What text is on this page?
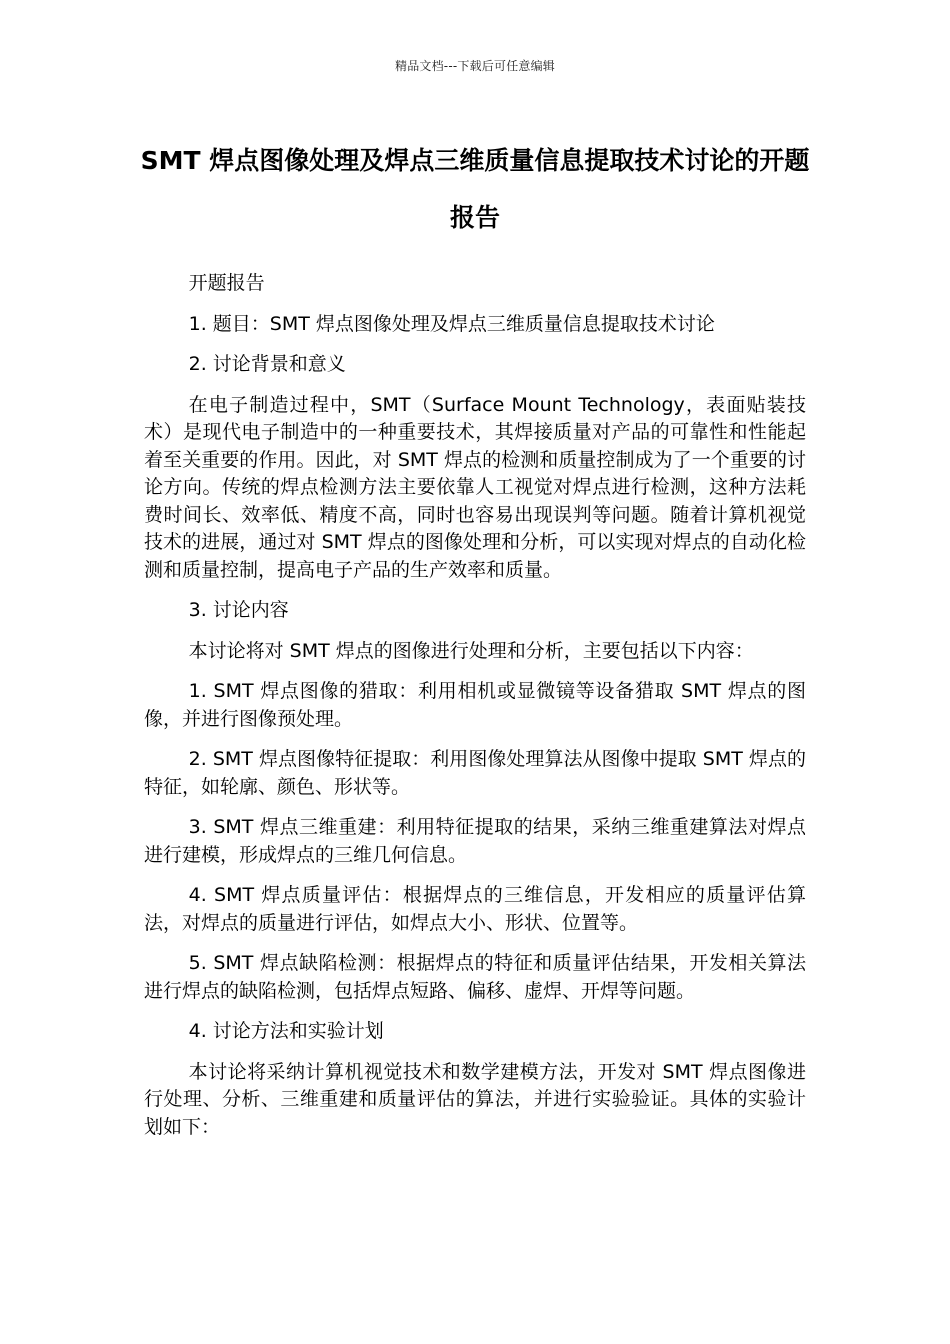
精品文档---下载后可任意编辑
SMT 焊点图像处理及焊点三维质量信息提取技术讨论的开题报告

开题报告

1. 题目：SMT 焊点图像处理及焊点三维质量信息提取技术讨论

2. 讨论背景和意义

在电子制造过程中，SMT（Surface Mount Technology，表面贴装技术）是现代电子制造中的一种重要技术，其焊接质量对产品的可靠性和性能起着至关重要的作用。因此，对 SMT 焊点的检测和质量控制成为了一个重要的讨论方向。传统的焊点检测方法主要依靠人工视觉对焊点进行检测，这种方法耗费时间长、效率低、精度不高，同时也容易出现误判等问题。随着计算机视觉技术的进展，通过对 SMT 焊点的图像处理和分析，可以实现对焊点的自动化检测和质量控制，提高电子产品的生产效率和质量。

3. 讨论内容

本讨论将对 SMT 焊点的图像进行处理和分析，主要包括以下内容：

1. SMT 焊点图像的猎取：利用相机或显微镜等设备猎取 SMT 焊点的图像，并进行图像预处理。

2. SMT 焊点图像特征提取：利用图像处理算法从图像中提取 SMT 焊点的特征，如轮廓、颜色、形状等。

3. SMT 焊点三维重建：利用特征提取的结果，采纳三维重建算法对焊点进行建模，形成焊点的三维几何信息。

4. SMT 焊点质量评估：根据焊点的三维信息，开发相应的质量评估算法，对焊点的质量进行评估，如焊点大小、形状、位置等。

5. SMT 焊点缺陷检测：根据焊点的特征和质量评估结果，开发相关算法进行焊点的缺陷检测，包括焊点短路、偏移、虚焊、开焊等问题。

4. 讨论方法和实验计划

本讨论将采纳计算机视觉技术和数学建模方法，开发对 SMT 焊点图像进行处理、分析、三维重建和质量评估的算法，并进行实验验证。具体的实验计划如下：
